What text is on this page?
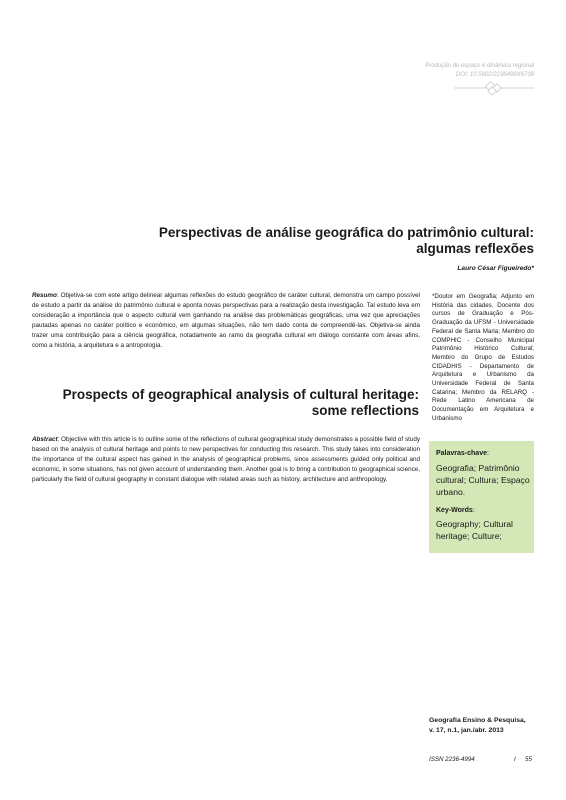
Produção do espaço e dinâmica regional
DOI: 10.5902/2236499X6739
Perspectivas de análise geográfica do patrimônio cultural: algumas reflexões
Lauro César Figueiredo*
Resumo: Objetiva-se com este artigo delinear algumas reflexões do estudo geográfico de caráter cultural, demonstra um campo possível de estudo a partir da análise do patrimônio cultural e aponta novas perspectivas para a realização desta investigação. Tal estudo leva em consideração a importância que o aspecto cultural vem ganhando na análise das problemáticas geográficas, uma vez que apreciações pautadas apenas no caráter político e econômico, em algumas situações, não tem dado conta de compreendê-las. Objetiva-se ainda trazer uma contribuição para a ciência geográfica, notadamente ao ramo da geografia cultural em diálogo constante com áreas afins, como a história, a arquitetura e a antropologia.
*Doutor em Geografia; Adjunto em História das cidades. Docente dos cursos de Graduação e Pós-Graduação da UFSM - Universidade Federal de Santa Maria; Membro do COMPHIC - Conselho Municipal Patrimônio Histórico Cultural; Membro do Grupo de Estudos CIDADHIS - Departamento de Arquitetura e Urbanismo da Universidade Federal de Santa Catarina; Membro da RELARQ - Rede Latino Americana de Documentação em Arquitetura e Urbanismo
Prospects of geographical analysis of cultural heritage: some reflections
Abstract: Objective with this article is to outline some of the reflections of cultural geographical study demonstrates a possible field of study based on the analysis of cultural heritage and points to new perspectives for conducting this research. This study takes into consideration the importance of the cultural aspect has gained in the analysis of geographical problems, since assessments guided only political and economic, in some situations, has not given account of understanding them. Another goal is to bring a contribution to geographical science, particularly the field of cultural geography in constant dialogue with related areas such as history, architecture and anthropology.
Palavras-chave:
Geografia; Patrimônio cultural; Cultura; Espaço urbano.
Key-Words:
Geography; Cultural heritage; Culture;
Geografia Ensino & Pesquisa,
v. 17, n.1, jan./abr. 2013
ISSN 2236-4994	I 55
